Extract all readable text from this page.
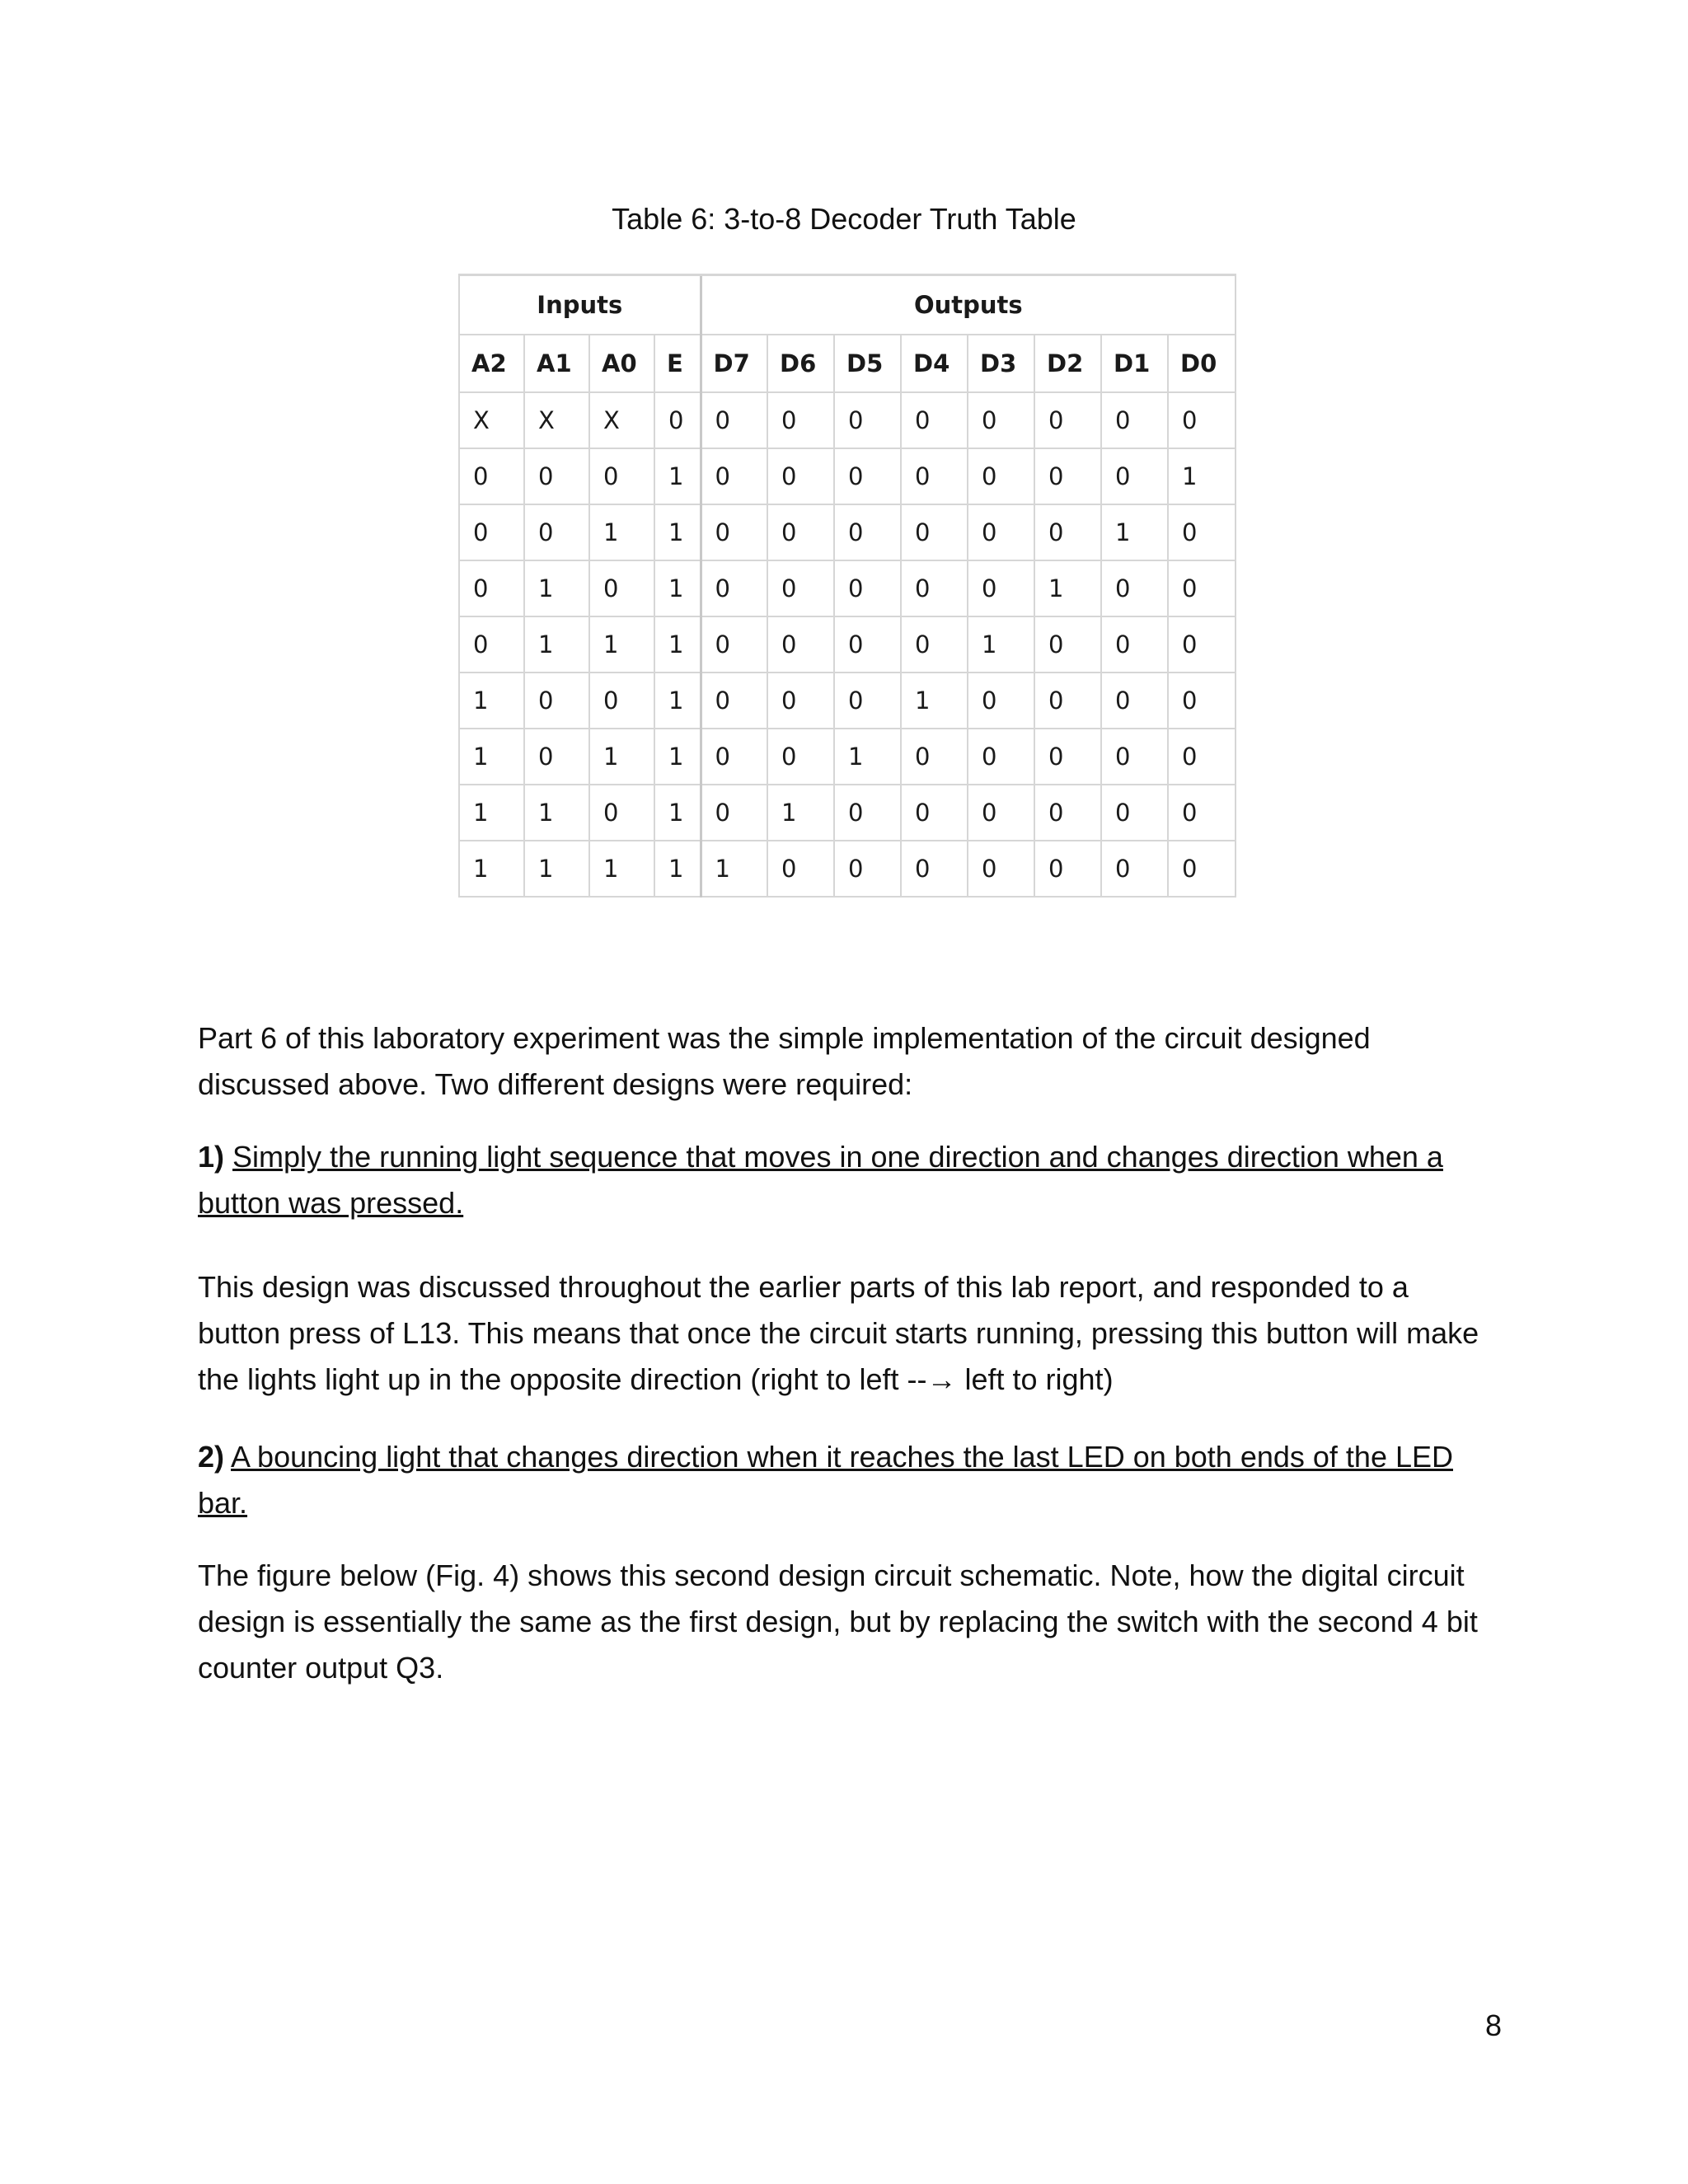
Table 6: 3-to-8 Decoder Truth Table
Inputs				Outputs							
A2	A1	A0	E	D7	D6	D5	D4	D3	D2	D1	D0
X	X	X	0	0	0	0	0	0	0	0	0
0	0	0	1	0	0	0	0	0	0	0	1
0	0	1	1	0	0	0	0	0	0	1	0
0	1	0	1	0	0	0	0	0	1	0	0
0	1	1	1	0	0	0	0	1	0	0	0
1	0	0	1	0	0	0	1	0	0	0	0
1	0	1	1	0	0	1	0	0	0	0	0
1	1	0	1	0	1	0	0	0	0	0	0
1	1	1	1	1	0	0	0	0	0	0	0
Part 6 of this laboratory experiment was the simple implementation of the circuit designed discussed above. Two different designs were required:
1) Simply the running light sequence that moves in one direction and changes direction when a button was pressed.
This design was discussed throughout the earlier parts of this lab report, and responded to a button press of L13. This means that once the circuit starts running, pressing this button will make the lights light up in the opposite direction (right to left --→ left to right)
2) A bouncing light that changes direction when it reaches the last LED on both ends of the LED bar.
The figure below (Fig. 4) shows this second design circuit schematic. Note, how the digital circuit design is essentially the same as the first design, but by replacing the switch with the second 4 bit counter output Q3.
8
